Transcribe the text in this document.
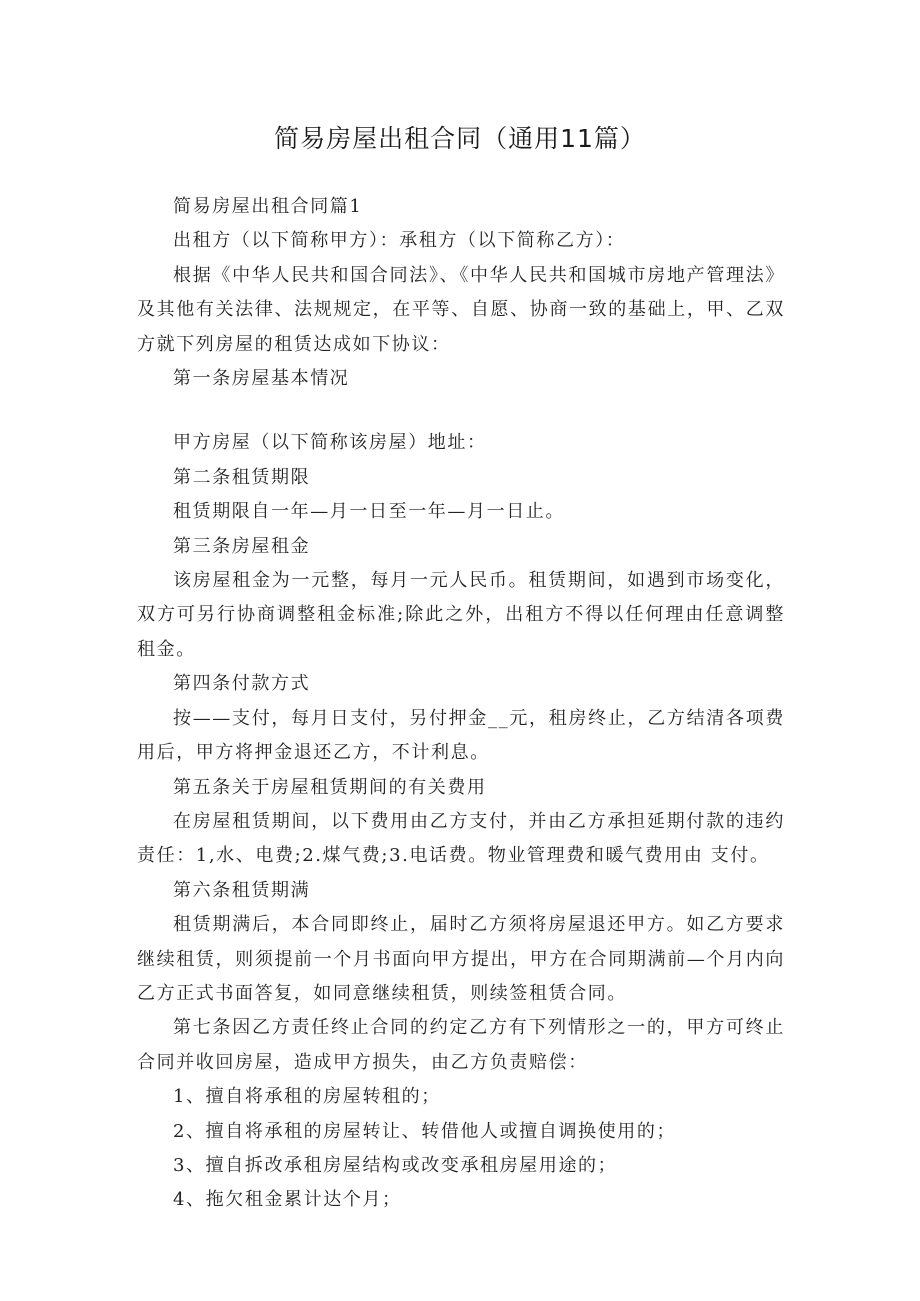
简易房屋出租合同（通用11篇）

简易房屋出租合同篇1

出租方（以下简称甲方）：承租方（以下简称乙方）：

根据《中华人民共和国合同法》、《中华人民共和国城市房地产管理法》及其他有关法律、法规规定，在平等、自愿、协商一致的基础上，甲、乙双方就下列房屋的租赁达成如下协议：

第一条房屋基本情况

甲方房屋（以下简称该房屋）地址：

第二条租赁期限

租赁期限自一年—月一日至一年—月一日止。

第三条房屋租金

该房屋租金为一元整，每月一元人民币。租赁期间，如遇到市场变化，双方可另行协商调整租金标准;除此之外，出租方不得以任何理由任意调整租金。

第四条付款方式

按——支付，每月日支付，另付押金__元，租房终止，乙方结清各项费用后，甲方将押金退还乙方，不计利息。

第五条关于房屋租赁期间的有关费用

在房屋租赁期间，以下费用由乙方支付，并由乙方承担延期付款的违约责任：1,水、电费;2.煤气费;3.电话费。物业管理费和暖气费用由 支付。

第六条租赁期满

租赁期满后，本合同即终止，届时乙方须将房屋退还甲方。如乙方要求继续租赁，则须提前一个月书面向甲方提出，甲方在合同期满前—个月内向乙方正式书面答复，如同意继续租赁，则续签租赁合同。

第七条因乙方责任终止合同的约定乙方有下列情形之一的，甲方可终止合同并收回房屋，造成甲方损失，由乙方负责赔偿：

1、擅自将承租的房屋转租的；

2、擅自将承租的房屋转让、转借他人或擅自调换使用的；

3、擅自拆改承租房屋结构或改变承租房屋用途的；

4、拖欠租金累计达个月；
